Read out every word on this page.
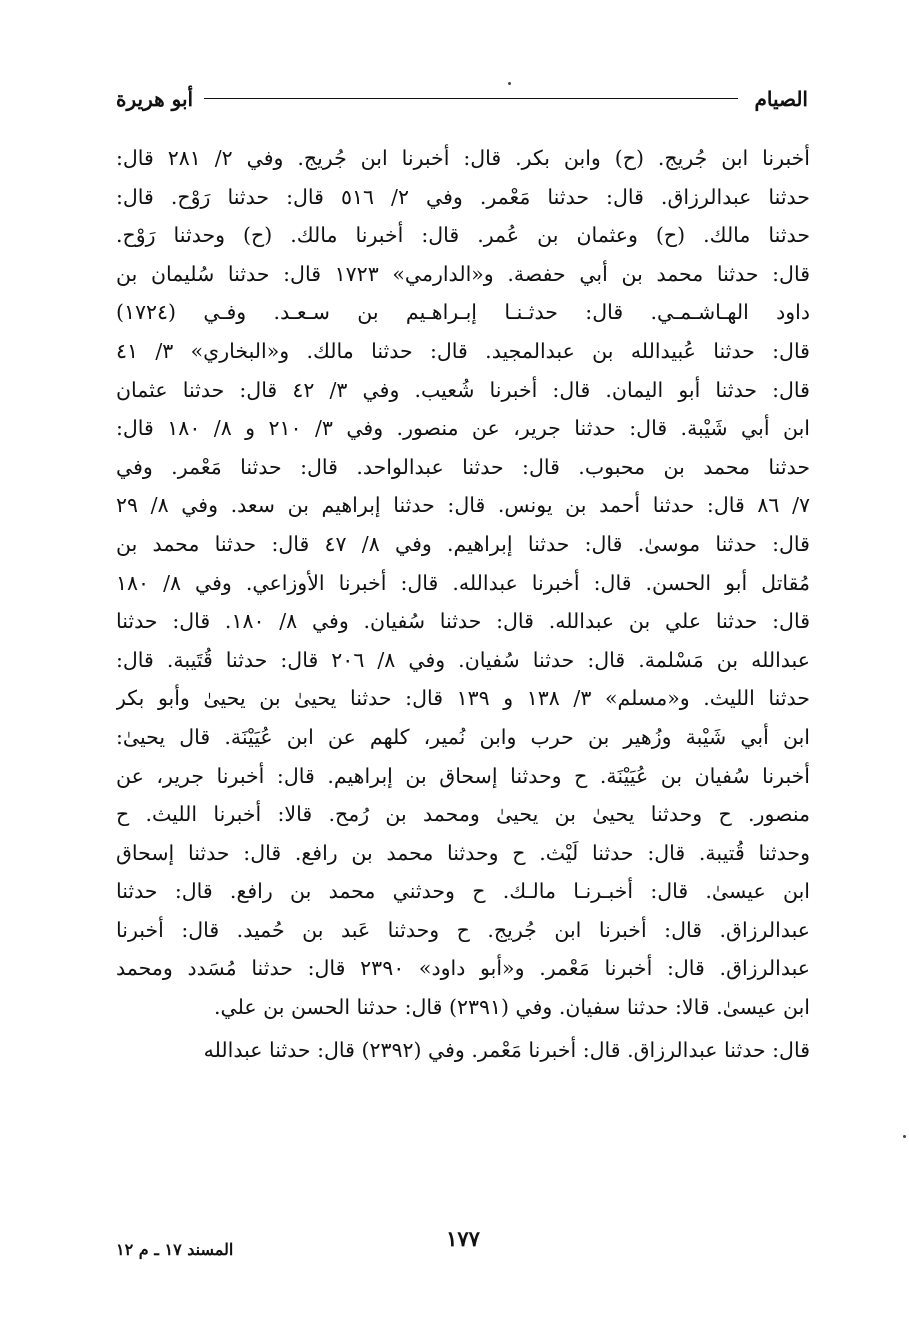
الصيام
أبو هريرة
أخبرنا ابن جُريج. (ح) وابن بكر. قال: أخبرنا ابن جُريج. وفي ٢/ ٢٨١ قال:
حدثنا عبدالرزاق. قال: حدثنا مَعْمر. وفي ٢/ ٥١٦ قال: حدثنا رَوْح. قال:
حدثنا مالك. (ح) وعثمان بن عُمر. قال: أخبرنا مالك. (ح) وحدثنا رَوْح.
قال: حدثنا محمد بن أبي حفصة. و«الدارمي» ١٧٢٣ قال: حدثنا سُليمان بن
داود الهـاشـمـي. قال: حدثـنـا إبـراهـيم بن سـعـد. وفـي (١٧٢٤)
قال: حدثنا عُبيدالله بن عبدالمجيد. قال: حدثنا مالك. و«البخاري» ٣/ ٤١
قال: حدثنا أبو اليمان. قال: أخبرنا شُعيب. وفي ٣/ ٤٢ قال: حدثنا عثمان
ابن أبي شَيْبة. قال: حدثنا جرير، عن منصور. وفي ٣/ ٢١٠ و ٨/ ١٨٠ قال:
حدثنا محمد بن محبوب. قال: حدثنا عبدالواحد. قال: حدثنا مَعْمر. وفي
٧/ ٨٦ قال: حدثنا أحمد بن يونس. قال: حدثنا إبراهيم بن سعد. وفي ٨/ ٢٩
قال: حدثنا موسىٰ. قال: حدثنا إبراهيم. وفي ٨/ ٤٧ قال: حدثنا محمد بن
مُقاتل أبو الحسن. قال: أخبرنا عبدالله. قال: أخبرنا الأوزاعي. وفي ٨/ ١٨٠
قال: حدثنا علي بن عبدالله. قال: حدثنا سُفيان. وفي ٨/ ١٨٠. قال: حدثنا
عبدالله بن مَسْلمة. قال: حدثنا سُفيان. وفي ٨/ ٢٠٦ قال: حدثنا قُتَيبة. قال:
حدثنا الليث. و«مسلم» ٣/ ١٣٨ و ١٣٩ قال: حدثنا يحيىٰ بن يحيىٰ وأبو بكر
ابن أبي شَيْبة وزُهير بن حرب وابن نُمير، كلهم عن ابن عُيَيْنَة. قال يحيىٰ:
أخبرنا سُفيان بن عُيَيْنَة. ح وحدثنا إسحاق بن إبراهيم. قال: أخبرنا جرير، عن
منصور. ح وحدثنا يحيىٰ بن يحيىٰ ومحمد بن رُمح. قالا: أخبرنا الليث. ح
وحدثنا قُتيبة. قال: حدثنا لَيْث. ح وحدثنا محمد بن رافع. قال: حدثنا إسحاق
ابن عيسىٰ. قال: أخبـرنـا مالـك. ح وحدثني محمد بن رافع. قال: حدثنا
عبدالرزاق. قال: أخبرنا ابن جُريج. ح وحدثنا عَبد بن حُميد. قال: أخبرنا
عبدالرزاق. قال: أخبرنا مَعْمر. و«أبو داود» ٢٣٩٠ قال: حدثنا مُسَدد ومحمد
ابن عيسىٰ. قالا: حدثنا سفيان. وفي (٢٣٩١) قال: حدثنا الحسن بن علي.
قال: حدثنا عبدالرزاق. قال: أخبرنا مَعْمر. وفي (٢٣٩٢) قال: حدثنا عبدالله
١٧٧
المسند ١٧ ـ م ١٢
